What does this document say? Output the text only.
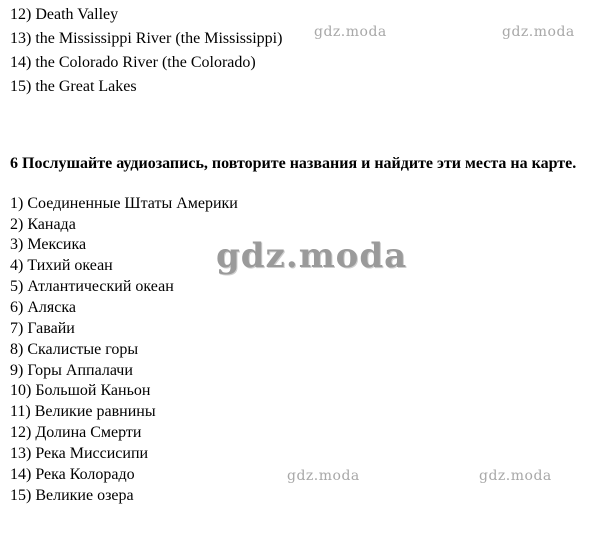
12) Death Valley
13) the Mississippi River (the Mississippi)
14) the Colorado River (the Colorado)
15) the Great Lakes
6 Послушайте аудиозапись, повторите названия и найдите эти места на карте.
1) Соединенные Штаты Америки
2) Канада
3) Мексика
4) Тихий океан
5) Атлантический океан
6) Аляска
7) Гавайи
8) Скалистые горы
9) Горы Аппалачи
10) Большой Каньон
11) Великие равнины
12) Долина Смерти
13) Река Миссисипи
14) Река Колорадо
15) Великие озера
gdz.moda	gdz.moda
gdz.moda
gdz.moda	gdz.moda
